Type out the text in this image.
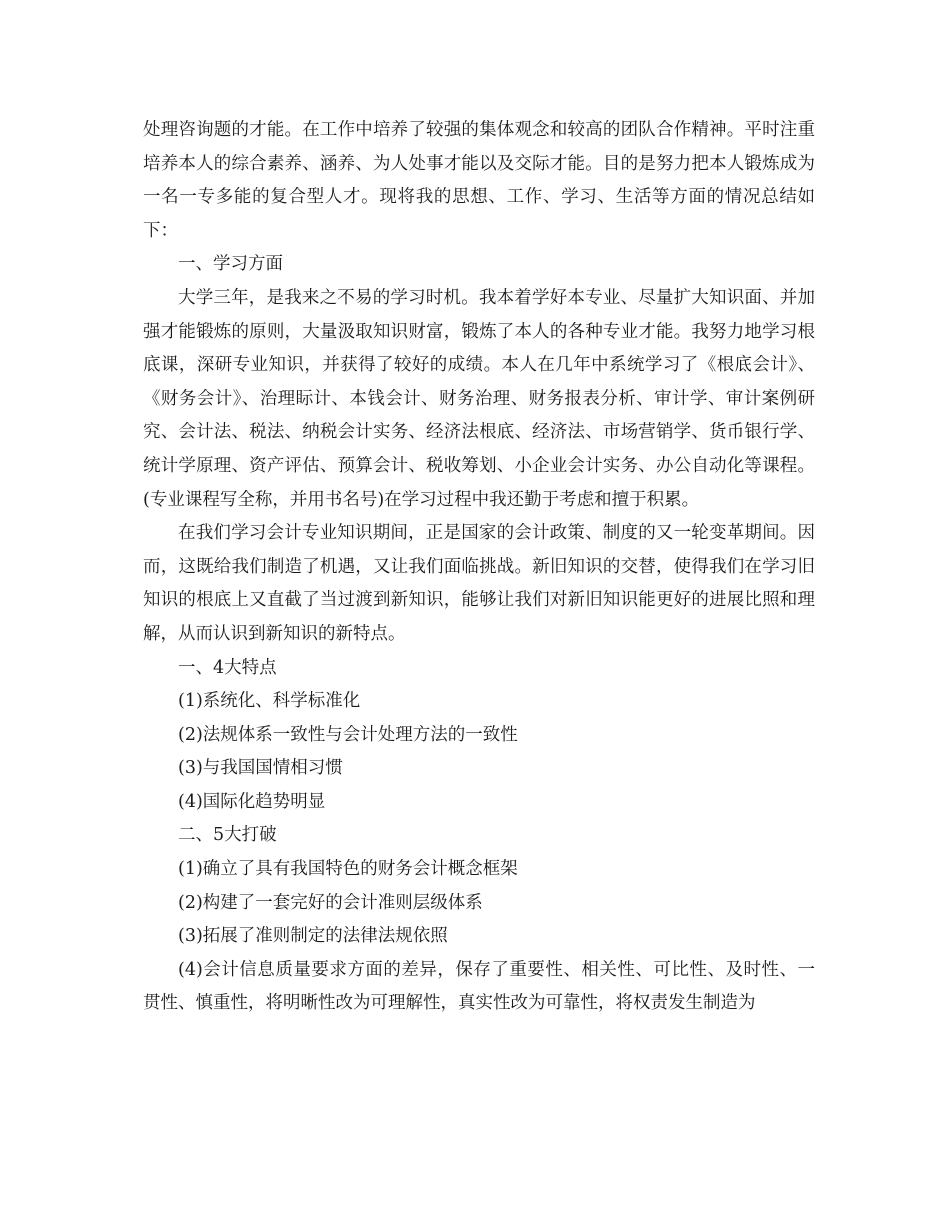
处理咨询题的才能。在工作中培养了较强的集体观念和较高的团队合作精神。平时注重培养本人的综合素养、涵养、为人处事才能以及交际才能。目的是努力把本人锻炼成为一名一专多能的复合型人才。现将我的思想、工作、学习、生活等方面的情况总结如下：

一、学习方面

大学三年，是我来之不易的学习时机。我本着学好本专业、尽量扩大知识面、并加强才能锻炼的原则，大量汲取知识财富，锻炼了本人的各种专业才能。我努力地学习根底课，深研专业知识，并获得了较好的成绩。本人在几年中系统学习了《根底会计》、《财务会计》、治理眎计、本钱会计、财务治理、财务报表分析、审计学、审计案例研究、会计法、税法、纳税会计实务、经济法根底、经济法、市场营销学、货币银行学、统计学原理、资产评估、预算会计、税收筹划、小企业会计实务、办公自动化等课程。(专业课程写全称，并用书名号)在学习过程中我还勤于考虑和擅于积累。

在我们学习会计专业知识期间，正是国家的会计政策、制度的又一轮变革期间。因而，这既给我们制造了机遇，又让我们面临挑战。新旧知识的交替，使得我们在学习旧知识的根底上又直截了当过渡到新知识，能够让我们对新旧知识能更好的进展比照和理解，从而认识到新知识的新特点。

一、4大特点

(1)系统化、科学标准化

(2)法规体系一致性与会计处理方法的一致性

(3)与我国国情相习惯

(4)国际化趋势明显

二、5大打破

(1)确立了具有我国特色的财务会计概念框架

(2)构建了一套完好的会计准则层级体系

(3)拓展了准则制定的法律法规依照

(4)会计信息质量要求方面的差异，保存了重要性、相关性、可比性、及时性、一贯性、慎重性，将明晰性改为可理解性，真实性改为可靠性，将权责发生制造为
